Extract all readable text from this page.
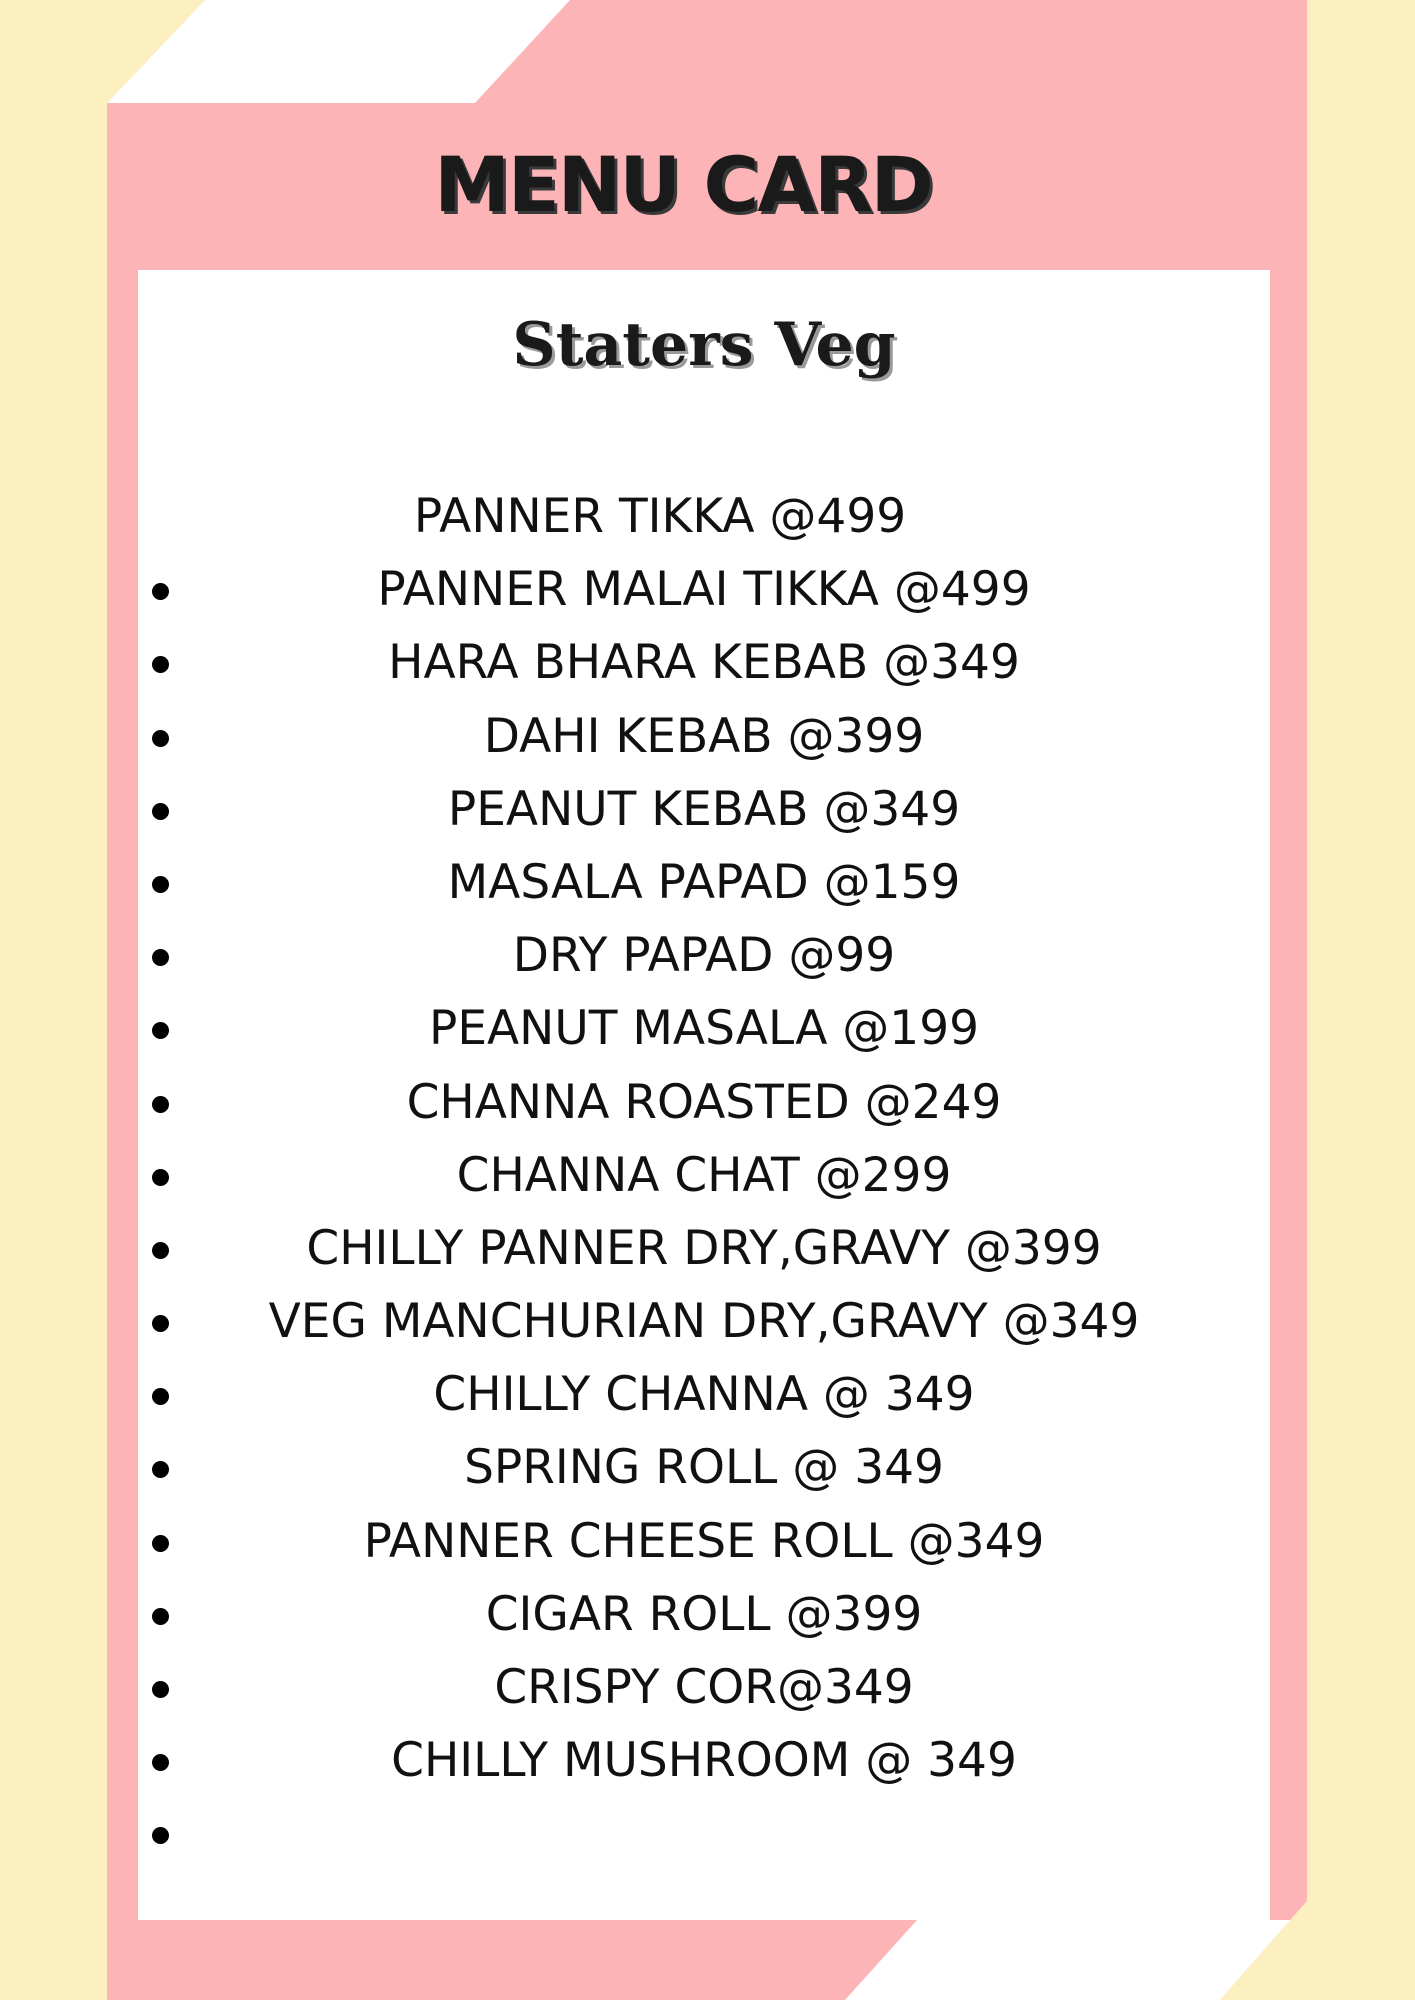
MENU CARD
Staters Veg
PANNER TIKKA @499
PANNER MALAI TIKKA @499
HARA BHARA KEBAB @349
DAHI KEBAB @399
PEANUT KEBAB @349
MASALA PAPAD @159
DRY PAPAD @99
PEANUT MASALA @199
CHANNA ROASTED @249
CHANNA CHAT @299
CHILLY PANNER DRY,GRAVY @399
VEG MANCHURIAN DRY,GRAVY @349
CHILLY CHANNA @ 349
SPRING ROLL @ 349
PANNER CHEESE ROLL @349
CIGAR ROLL @399
CRISPY COR@349
CHILLY MUSHROOM @ 349
